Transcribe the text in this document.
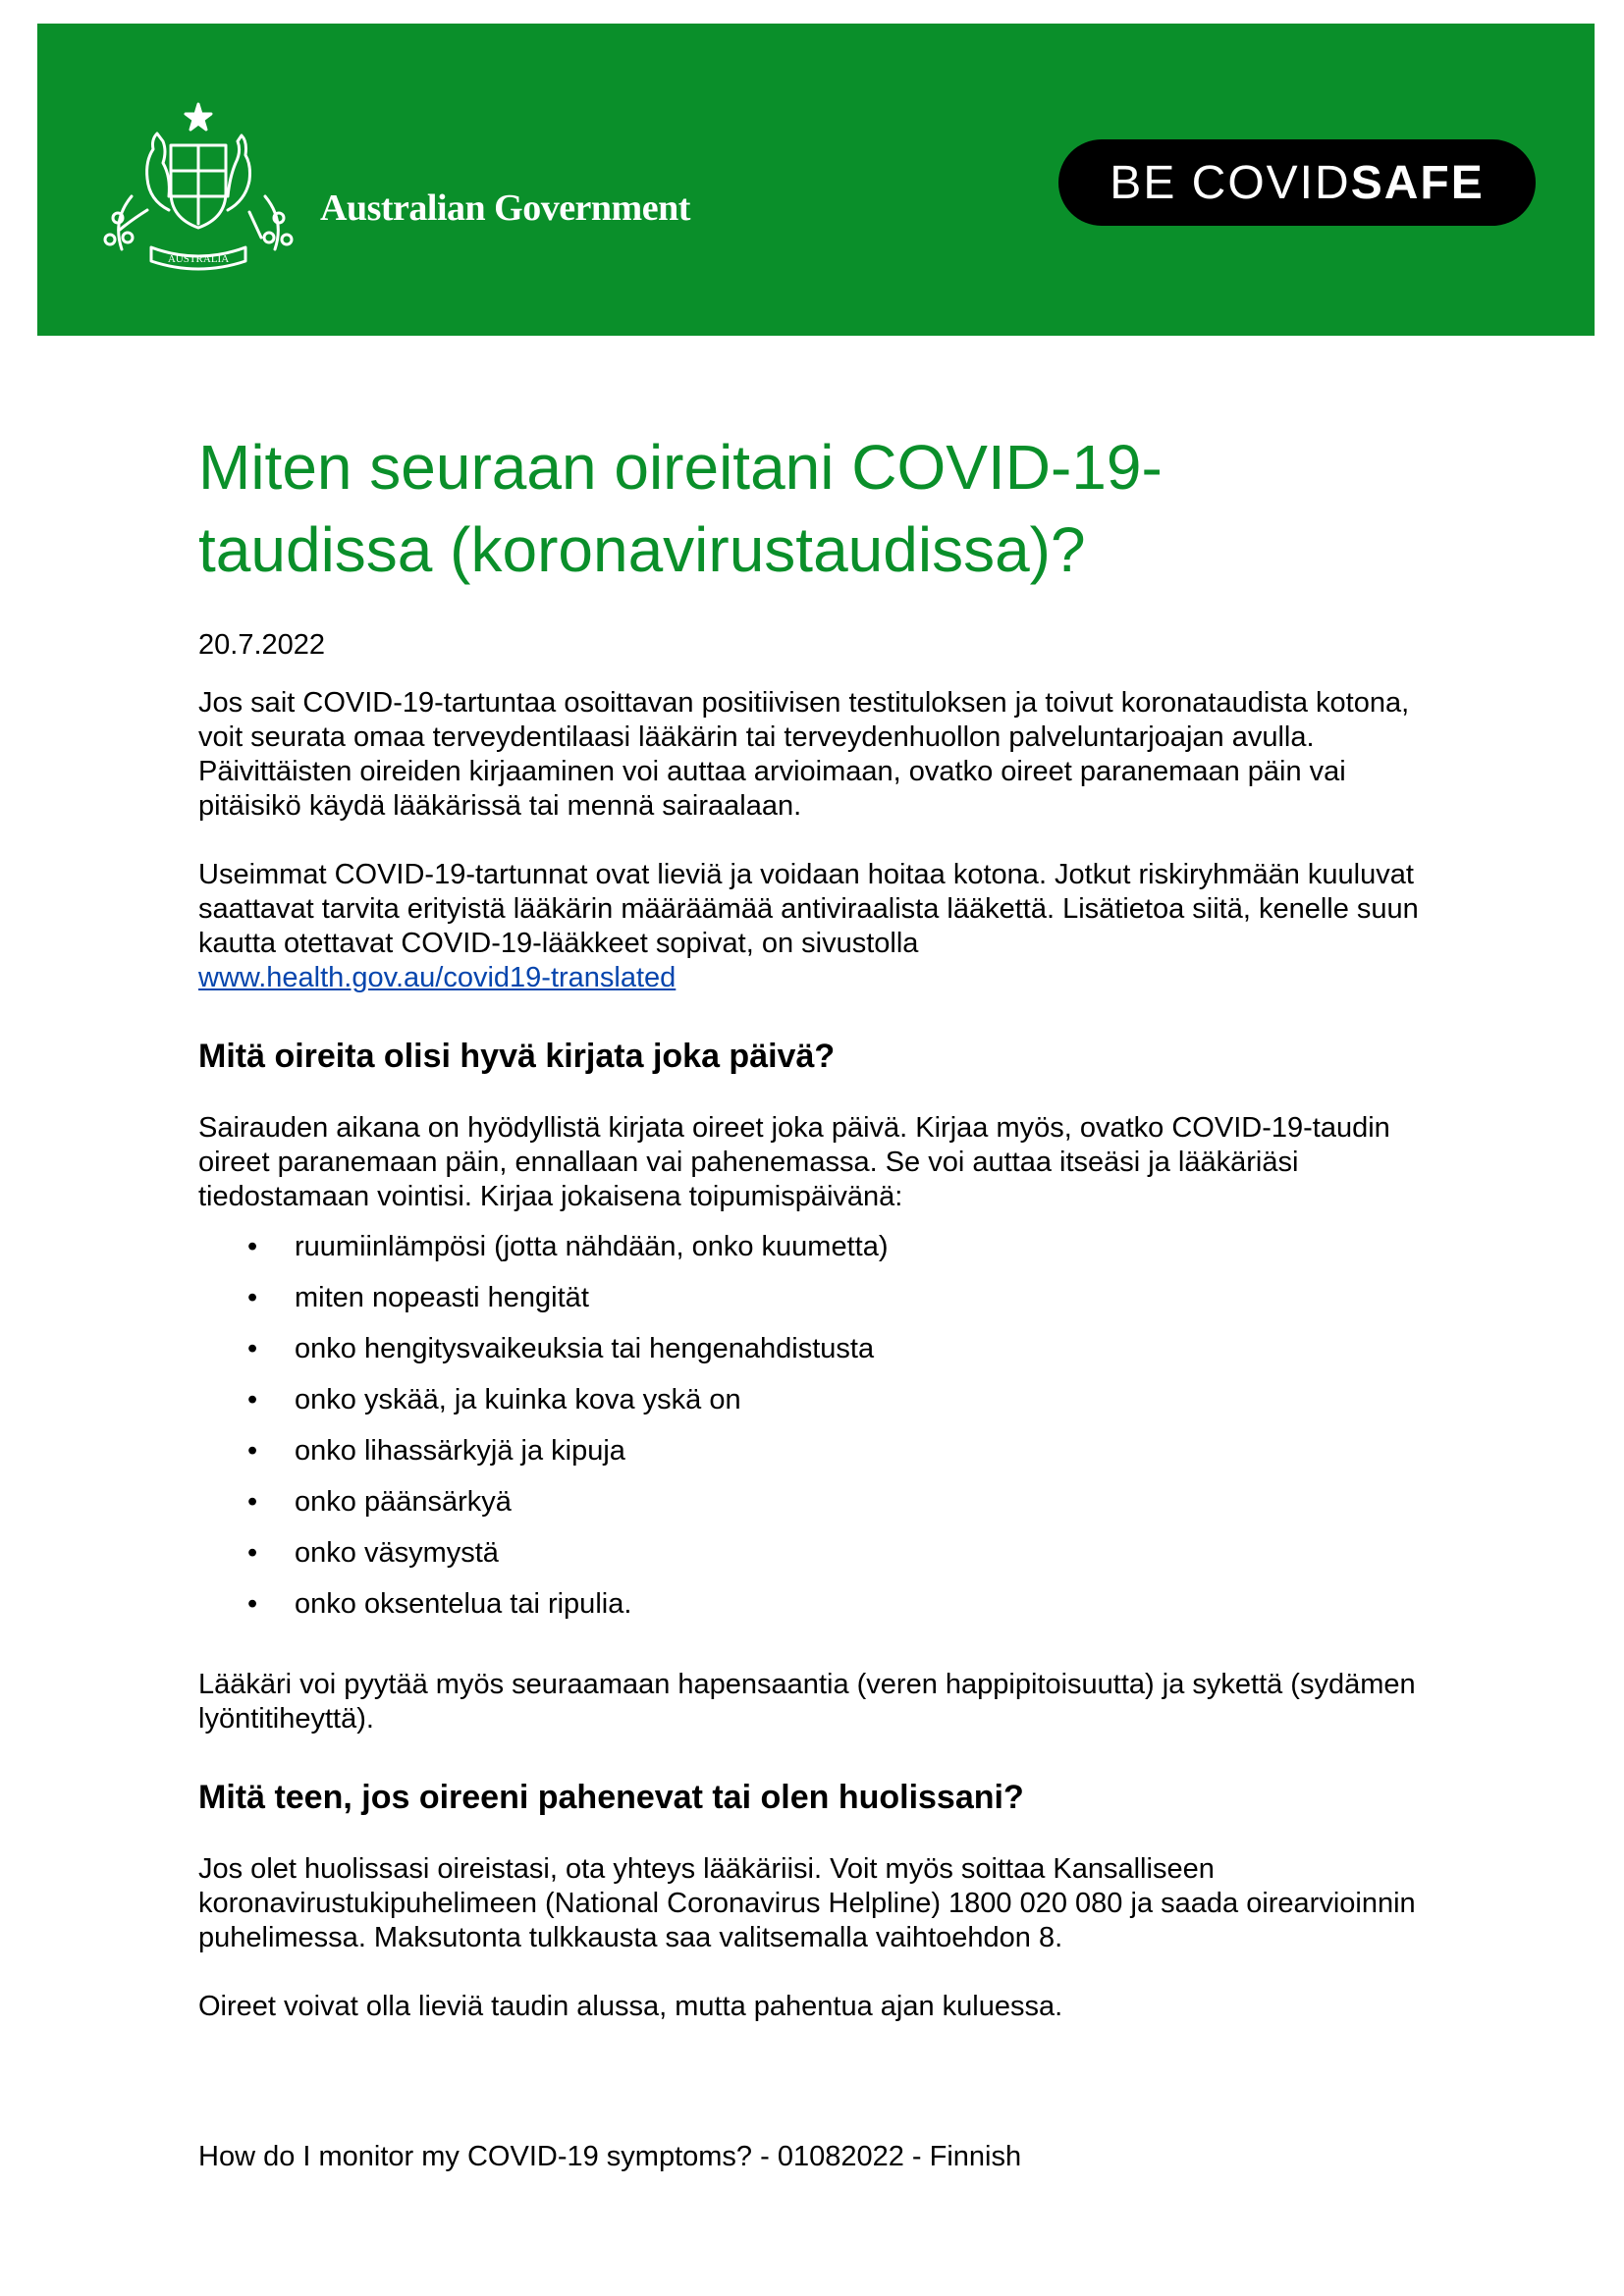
AUSTRALIA
Australian Government	BE COVID SAFE
Miten seuraan oireitani COVID-19-
taudissa (koronavirustaudissa)?
20.7.2022

Jos sait COVID-19-tartuntaa osoittavan positiivisen testituloksen ja toivut koronataudista kotona, voit seurata omaa terveydentilaasi lääkärin tai terveydenhuollon palveluntarjoajan avulla. Päivittäisten oireiden kirjaaminen voi auttaa arvioimaan, ovatko oireet paranemaan päin vai pitäisikö käydä lääkärissä tai mennä sairaalaan.

Useimmat COVID-19-tartunnat ovat lieviä ja voidaan hoitaa kotona. Jotkut riskiryhmään kuuluvat saattavat tarvita erityistä lääkärin määräämää antiviraalista lääkettä. Lisätietoa siitä, kenelle suun kautta otettavat COVID-19-lääkkeet sopivat, on sivustolla
www.health.gov.au/covid19-translated

Mitä oireita olisi hyvä kirjata joka päivä?

Sairauden aikana on hyödyllistä kirjata oireet joka päivä. Kirjaa myös, ovatko COVID-19-taudin oireet paranemaan päin, ennallaan vai pahenemassa. Se voi auttaa itseäsi ja lääkäriäsi tiedostamaan vointisi. Kirjaa jokaisena toipumispäivänä:

• ruumiinlämpösi (jotta nähdään, onko kuumetta)
• miten nopeasti hengität
• onko hengitysvaikeuksia tai hengenahdistusta
• onko yskää, ja kuinka kova yskä on
• onko lihassärkyjä ja kipuja
• onko päänsärkyä
• onko väsymystä
• onko oksentelua tai ripulia.

Lääkäri voi pyytää myös seuraamaan hapensaantia (veren happipitoisuutta) ja sykettä (sydämen lyöntitiheyttä).

Mitä teen, jos oireeni pahenevat tai olen huolissani?

Jos olet huolissasi oireistasi, ota yhteys lääkäriisi. Voit myös soittaa Kansalliseen koronavirustukipuhelimeen (National Coronavirus Helpline) 1800 020 080 ja saada oirearvioinnin puhelimessa. Maksutonta tulkkausta saa valitsemalla vaihtoehdon 8.

Oireet voivat olla lieviä taudin alussa, mutta pahentua ajan kuluessa.

How do I monitor my COVID-19 symptoms? - 01082022 - Finnish
